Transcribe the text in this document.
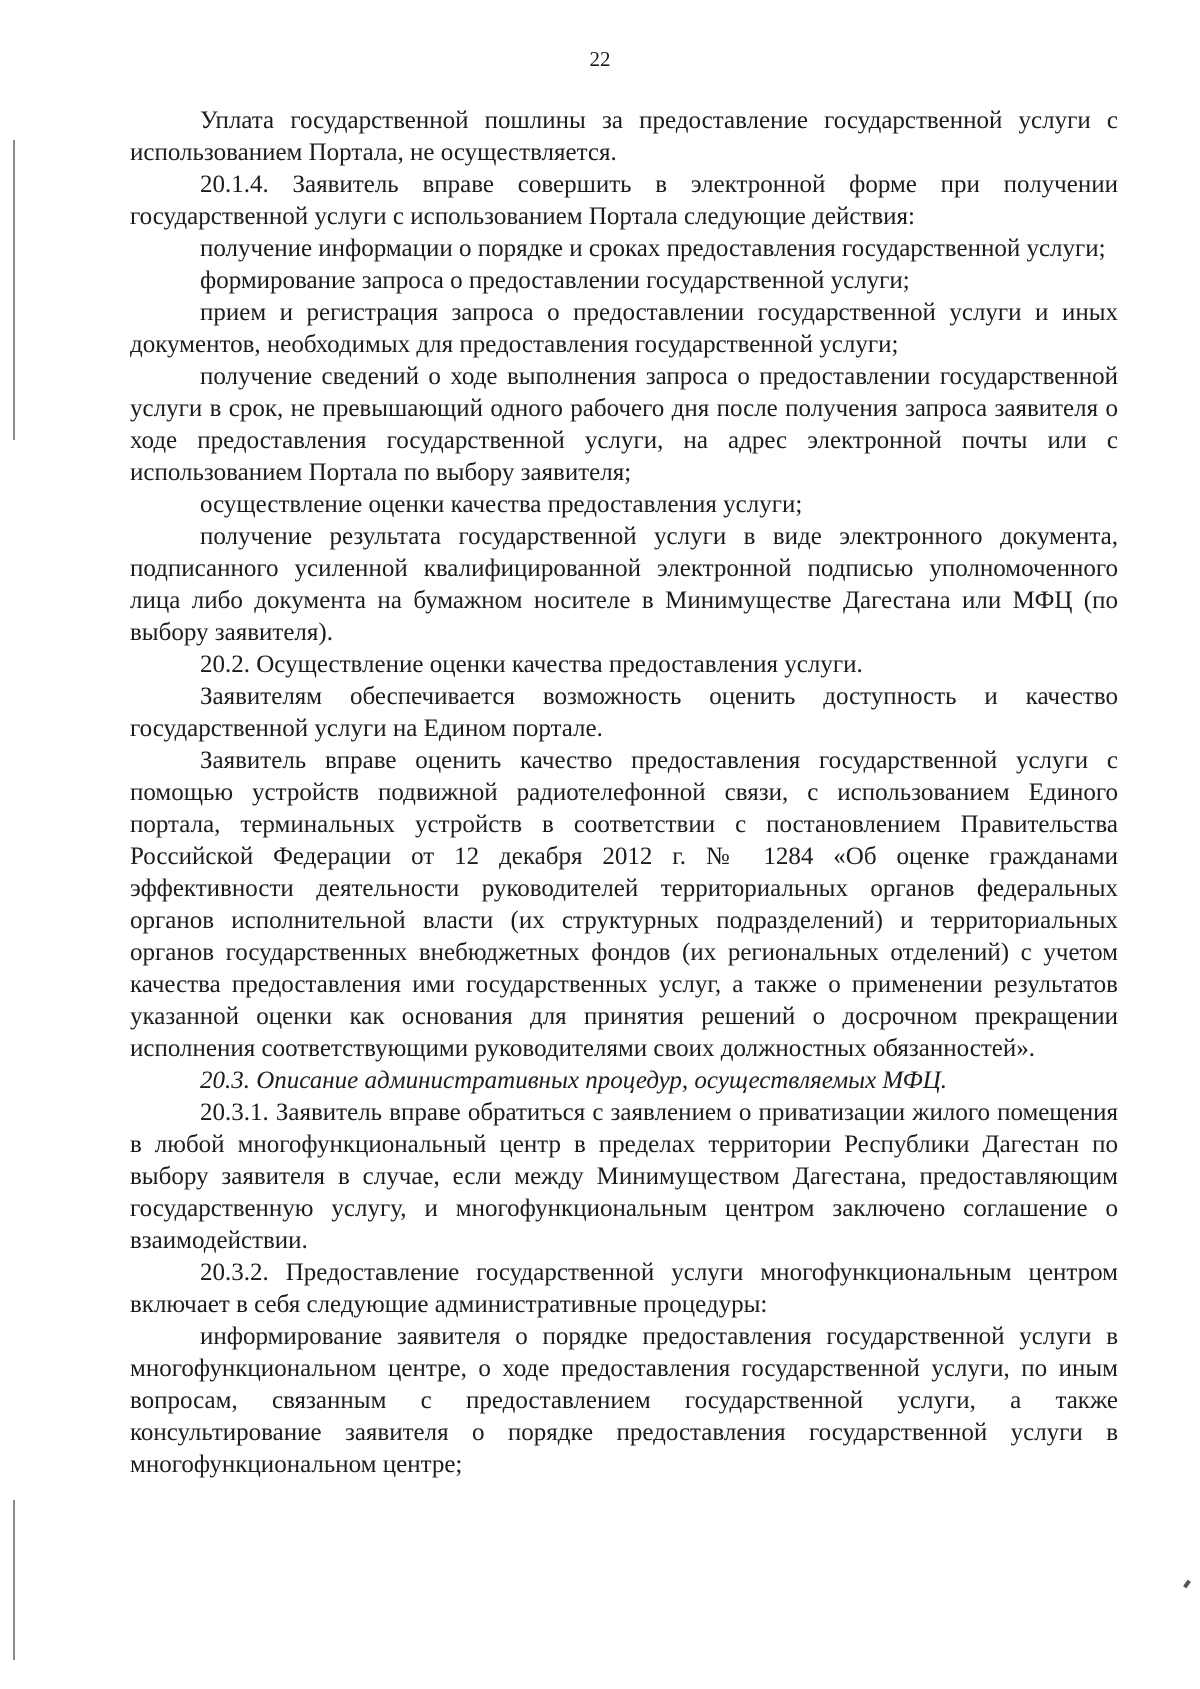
22

Уплата государственной пошлины за предоставление государственной услуги с использованием Портала, не осуществляется.

20.1.4. Заявитель вправе совершить в электронной форме при получении государственной услуги с использованием Портала следующие действия:

получение информации о порядке и сроках предоставления государственной услуги;

формирование запроса о предоставлении государственной услуги;

прием и регистрация запроса о предоставлении государственной услуги и иных документов, необходимых для предоставления государственной услуги;

получение сведений о ходе выполнения запроса о предоставлении государственной услуги в срок, не превышающий одного рабочего дня после получения запроса заявителя о ходе предоставления государственной услуги, на адрес электронной почты или с использованием Портала по выбору заявителя;

осуществление оценки качества предоставления услуги;

получение результата государственной услуги в виде электронного документа, подписанного усиленной квалифицированной электронной подписью уполномоченного лица либо документа на бумажном носителе в Минимуществе Дагестана или МФЦ (по выбору заявителя).

20.2. Осуществление оценки качества предоставления услуги.

Заявителям обеспечивается возможность оценить доступность и качество государственной услуги на Едином портале.

Заявитель вправе оценить качество предоставления государственной услуги с помощью устройств подвижной радиотелефонной связи, с использованием Единого портала, терминальных устройств в соответствии с постановлением Правительства Российской Федерации от 12 декабря 2012 г. № 1284 «Об оценке гражданами эффективности деятельности руководителей территориальных органов федеральных органов исполнительной власти (их структурных подразделений) и территориальных органов государственных внебюджетных фондов (их региональных отделений) с учетом качества предоставления ими государственных услуг, а также о применении результатов указанной оценки как основания для принятия решений о досрочном прекращении исполнения соответствующими руководителями своих должностных обязанностей».

20.3. Описание административных процедур, осуществляемых МФЦ.

20.3.1. Заявитель вправе обратиться с заявлением о приватизации жилого помещения в любой многофункциональный центр в пределах территории Республики Дагестан по выбору заявителя в случае, если между Минимуществом Дагестана, предоставляющим государственную услугу, и многофункциональным центром заключено соглашение о взаимодействии.

20.3.2. Предоставление государственной услуги многофункциональным центром включает в себя следующие административные процедуры:

информирование заявителя о порядке предоставления государственной услуги в многофункциональном центре, о ходе предоставления государственной услуги, по иным вопросам, связанным с предоставлением государственной услуги, а также консультирование заявителя о порядке предоставления государственной услуги в многофункциональном центре;
